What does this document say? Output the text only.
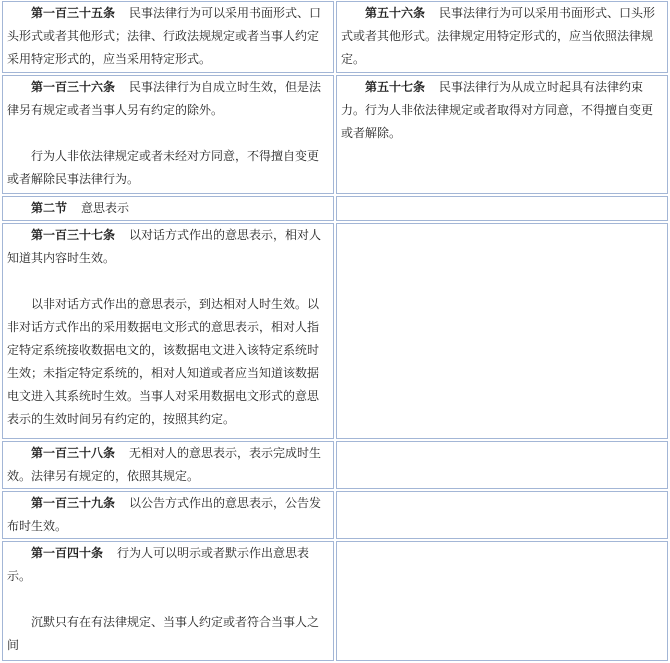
第一百三十五条 民事法律行为可以采用书面形式、口头形式或者其他形式；法律、行政法规规定或者当事人约定采用特定形式的，应当采用特定形式。	第五十六条 民事法律行为可以采用书面形式、口头形式或者其他形式。法律规定用特定形式的，应当依照法律规定。

第一百三十六条 民事法律行为自成立时生效，但是法律另有规定或者当事人另有约定的除外。

行为人非依法律规定或者未经对方同意，不得擅自变更或者解除民事法律行为。	第五十七条 民事法律行为从成立时起具有法律约束力。行为人非依法律规定或者取得对方同意，不得擅自变更或者解除。

第二节 意思表示	

第一百三十七条 以对话方式作出的意思表示，相对人知道其内容时生效。

以非对话方式作出的意思表示，到达相对人时生效。以非对话方式作出的采用数据电文形式的意思表示，相对人指定特定系统接收数据电文的，该数据电文进入该特定系统时生效；未指定特定系统的，相对人知道或者应当知道该数据电文进入其系统时生效。当事人对采用数据电文形式的意思表示的生效时间另有约定的，按照其约定。	

第一百三十八条 无相对人的意思表示，表示完成时生效。法律另有规定的，依照其规定。	

第一百三十九条 以公告方式作出的意思表示，公告发布时生效。	

第一百四十条 行为人可以明示或者默示作出意思表示。

沉默只有在有法律规定、当事人约定或者符合当事人之间	
